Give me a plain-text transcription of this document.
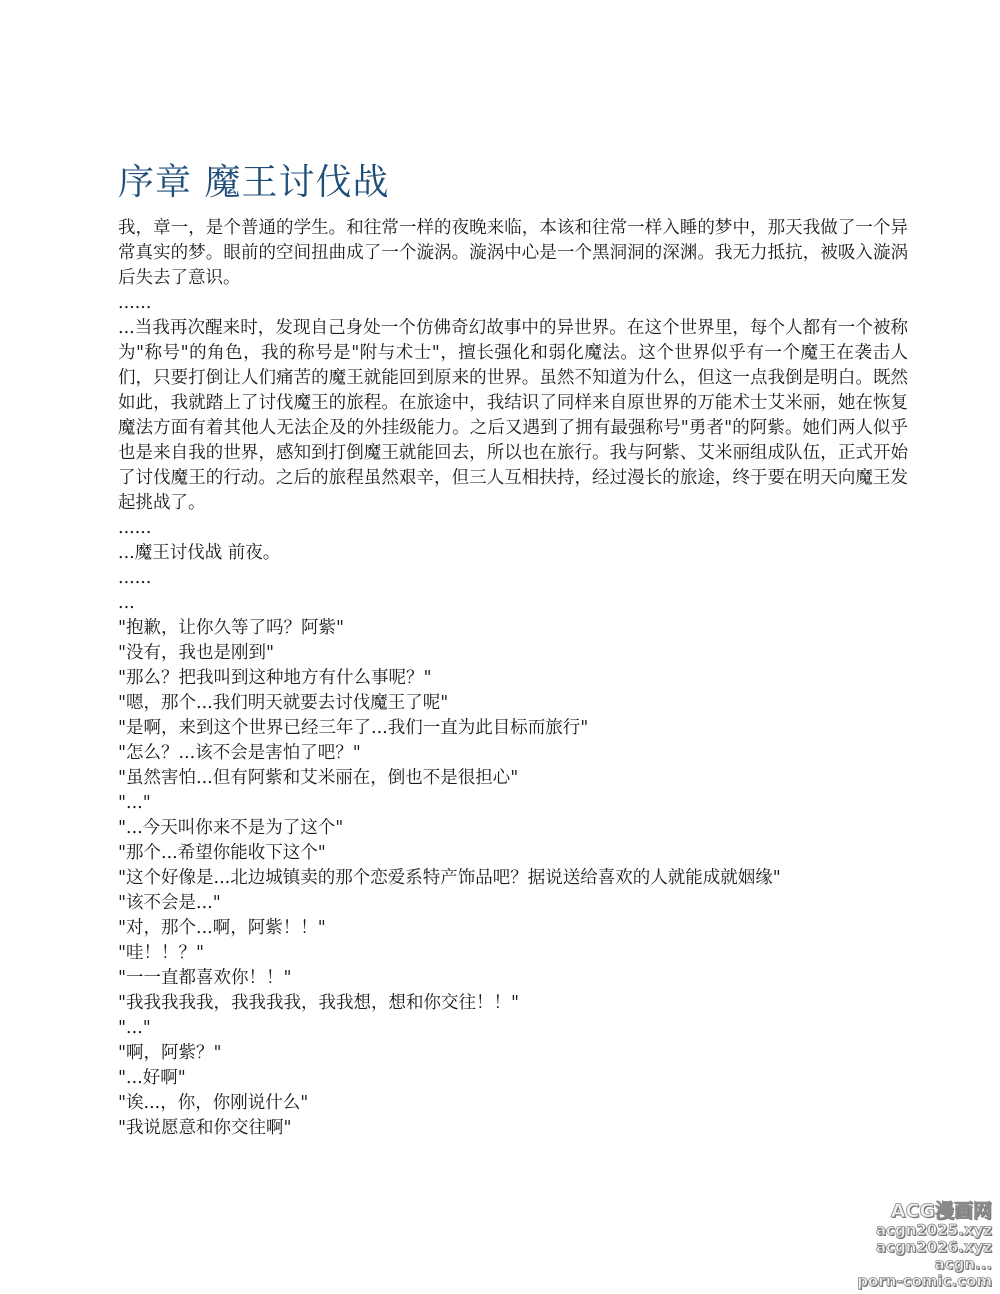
序章 魔王讨伐战

我，章一，是个普通的学生。和往常一样的夜晚来临，本该和往常一样入睡的梦中，那天我做了一个异常真实的梦。眼前的空间扭曲成了一个漩涡。漩涡中心是一个黑洞洞的深渊。我无力抵抗，被吸入漩涡后失去了意识。

......

...当我再次醒来时，发现自己身处一个仿佛奇幻故事中的异世界。在这个世界里，每个人都有一个被称为"称号"的角色，我的称号是"附与术士"，擅长强化和弱化魔法。这个世界似乎有一个魔王在袭击人们，只要打倒让人们痛苦的魔王就能回到原来的世界。虽然不知道为什么，但这一点我倒是明白。既然如此，我就踏上了讨伐魔王的旅程。在旅途中，我结识了同样来自原世界的万能术士艾米丽，她在恢复魔法方面有着其他人无法企及的外挂级能力。之后又遇到了拥有最强称号"勇者"的阿紫。她们两人似乎也是来自我的世界，感知到打倒魔王就能回去，所以也在旅行。我与阿紫、艾米丽组成队伍，正式开始了讨伐魔王的行动。之后的旅程虽然艰辛，但三人互相扶持，经过漫长的旅途，终于要在明天向魔王发起挑战了。

......

...魔王讨伐战 前夜。

......

...

"抱歉，让你久等了吗？阿紫"

"没有，我也是刚到"

"那么？把我叫到这种地方有什么事呢？"

"嗯，那个...我们明天就要去讨伐魔王了呢"

"是啊，来到这个世界已经三年了...我们一直为此目标而旅行"

"怎么？...该不会是害怕了吧？"

"虽然害怕...但有阿紫和艾米丽在，倒也不是很担心"

"..."

"...今天叫你来不是为了这个"

"那个...希望你能收下这个"

"这个好像是...北边城镇卖的那个恋爱系特产饰品吧？据说送给喜欢的人就能成就姻缘"

"该不会是..."

"对，那个...啊，阿紫！！"

"哇！！？"

"一一直都喜欢你！！"

"我我我我我，我我我我，我我想，想和你交往！！"

"..."

"啊，阿紫？"

"...好啊"

"诶...，你，你刚说什么"

"我说愿意和你交往啊"

ACG漫画网
acgn2025.xyz
acgn2026.xyz
acgn...
porn-comic.com
